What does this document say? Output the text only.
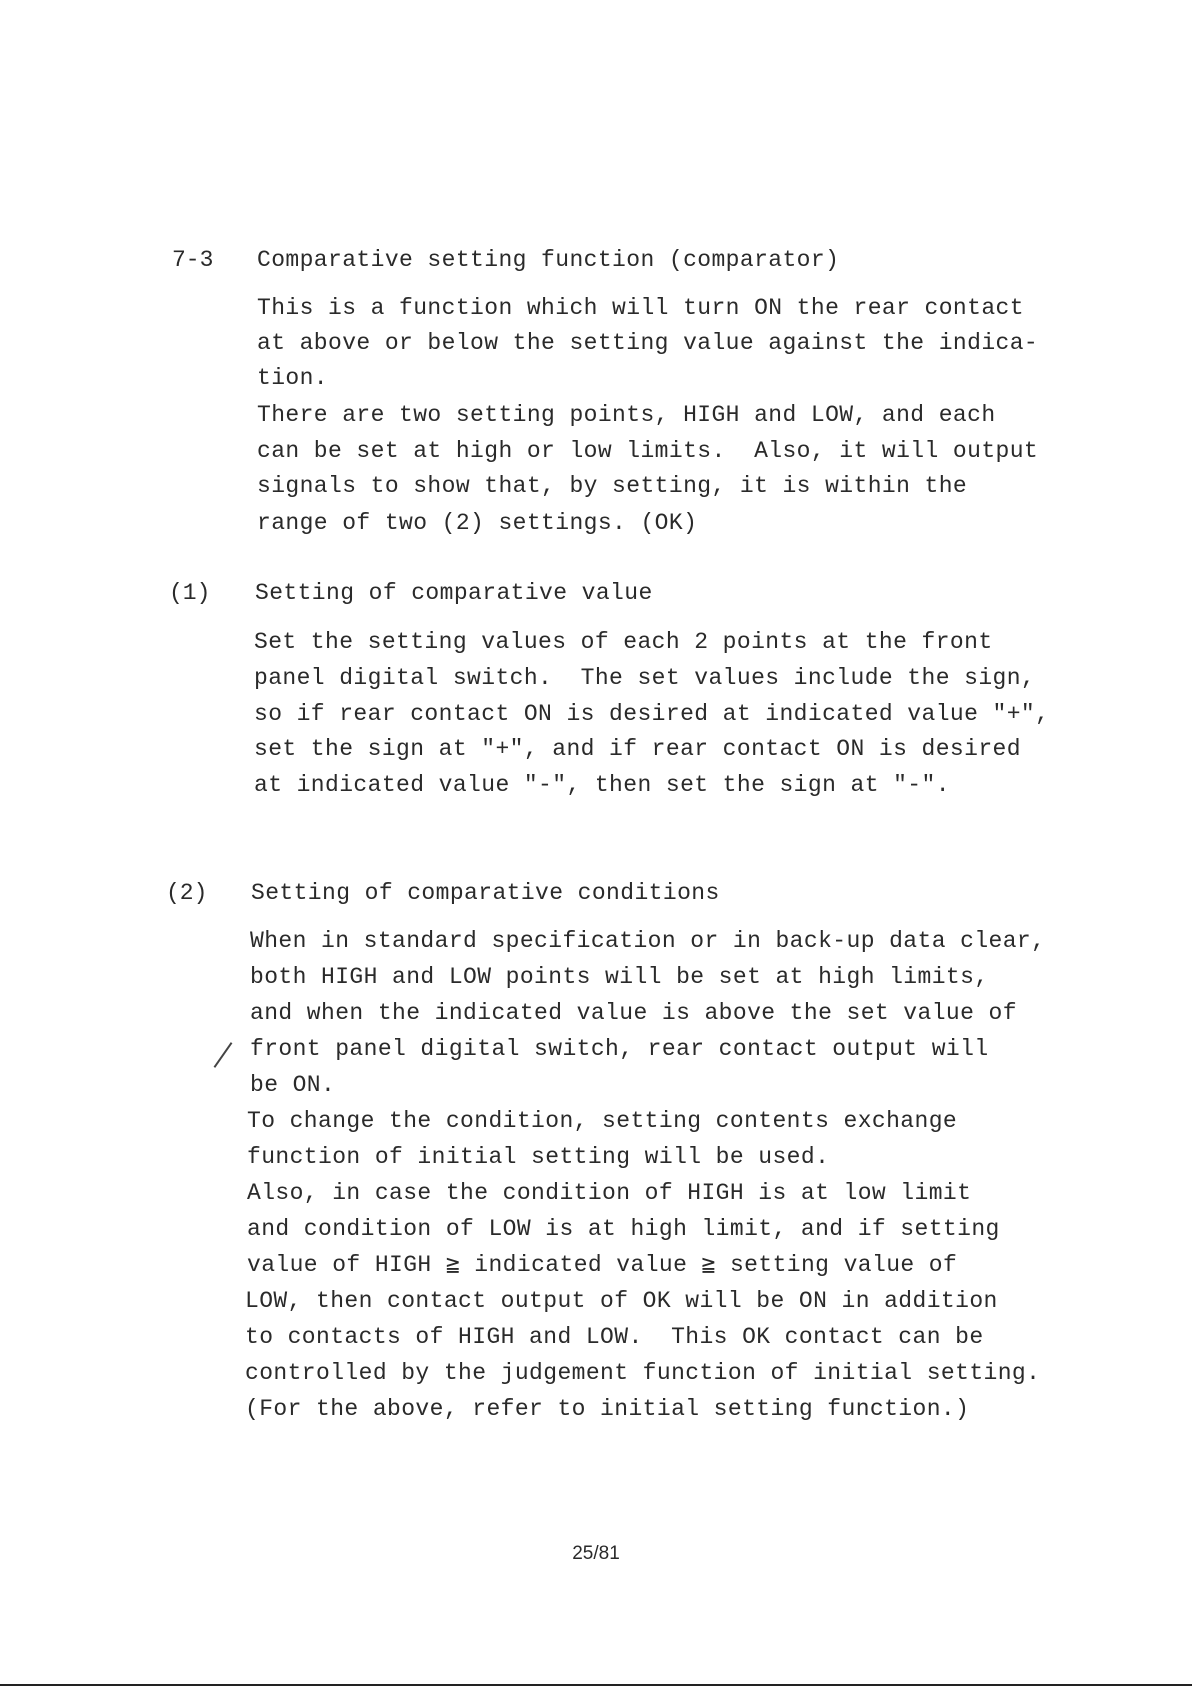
7-3 Comparative setting function (comparator)
This is a function which will turn ON the rear contact
at above or below the setting value against the indica-
tion.
There are two setting points, HIGH and LOW, and each
can be set at high or low limits.  Also, it will output
signals to show that, by setting, it is within the
range of two (2) settings. (OK)
(1) Setting of comparative value
Set the setting values of each 2 points at the front
panel digital switch.  The set values include the sign,
so if rear contact ON is desired at indicated value "+",
set the sign at "+", and if rear contact ON is desired
at indicated value "-", then set the sign at "-".
(2) Setting of comparative conditions
When in standard specification or in back-up data clear,
both HIGH and LOW points will be set at high limits,
and when the indicated value is above the set value of
front panel digital switch, rear contact output will
be ON.
To change the condition, setting contents exchange
function of initial setting will be used.
Also, in case the condition of HIGH is at low limit
and condition of LOW is at high limit, and if setting
value of HIGH ≧ indicated value ≧ setting value of
LOW, then contact output of OK will be ON in addition
to contacts of HIGH and LOW.  This OK contact can be
controlled by the judgement function of initial setting.
(For the above, refer to initial setting function.)
25/81
